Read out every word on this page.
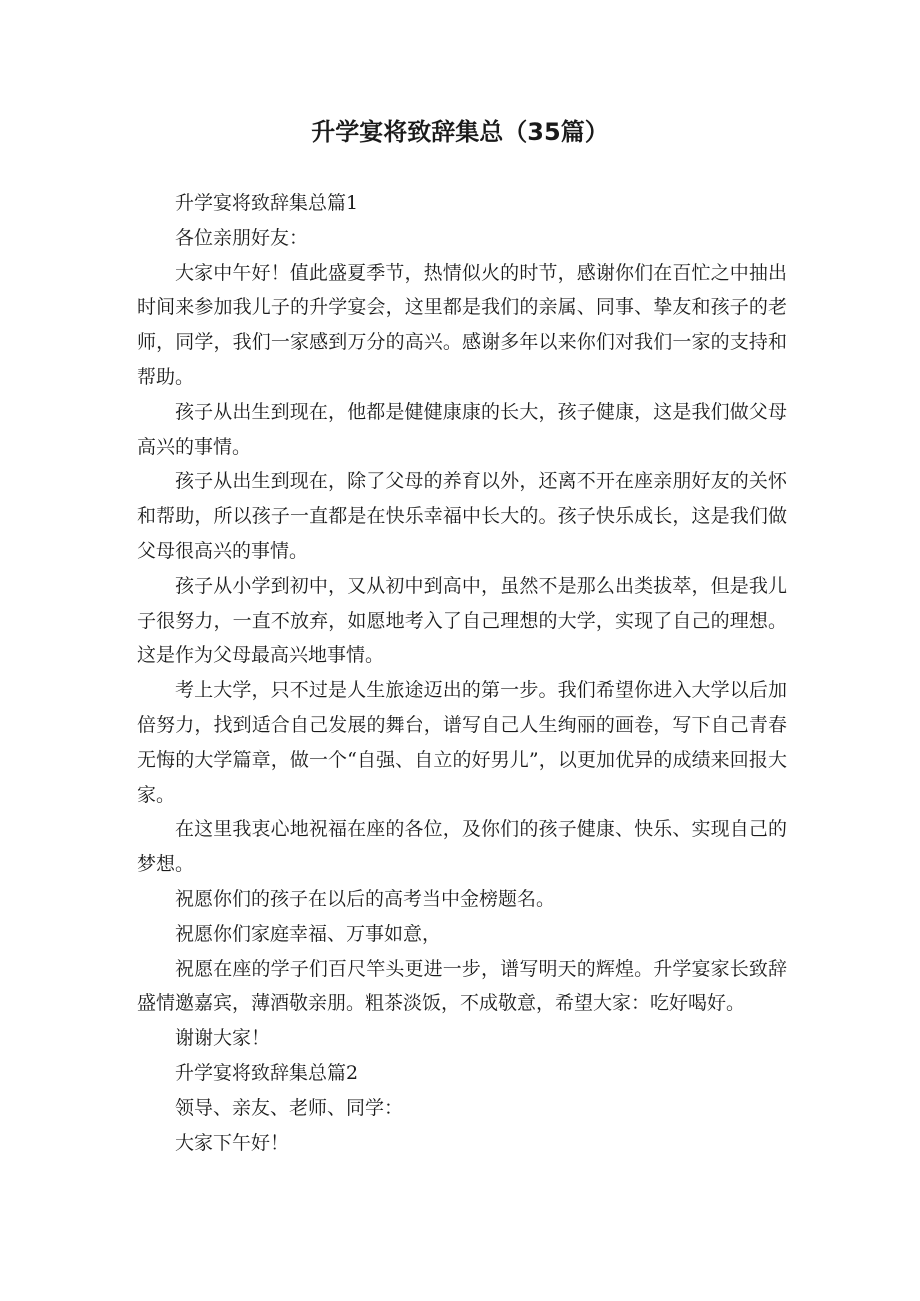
升学宴将致辞集总（35篇）

升学宴将致辞集总篇1

各位亲朋好友：

大家中午好！值此盛夏季节，热情似火的时节，感谢你们在百忙之中抽出时间来参加我儿子的升学宴会，这里都是我们的亲属、同事、挚友和孩子的老师，同学，我们一家感到万分的高兴。感谢多年以来你们对我们一家的支持和帮助。

孩子从出生到现在，他都是健健康康的长大，孩子健康，这是我们做父母高兴的事情。

孩子从出生到现在，除了父母的养育以外，还离不开在座亲朋好友的关怀和帮助，所以孩子一直都是在快乐幸福中长大的。孩子快乐成长，这是我们做父母很高兴的事情。

孩子从小学到初中，又从初中到高中，虽然不是那么出类拔萃，但是我儿子很努力，一直不放弃，如愿地考入了自己理想的大学，实现了自己的理想。这是作为父母最高兴地事情。

考上大学，只不过是人生旅途迈出的第一步。我们希望你进入大学以后加倍努力，找到适合自己发展的舞台，谱写自己人生绚丽的画卷，写下自己青春无悔的大学篇章，做一个“自强、自立的好男儿”，以更加优异的成绩来回报大家。

在这里我衷心地祝福在座的各位，及你们的孩子健康、快乐、实现自己的梦想。

祝愿你们的孩子在以后的高考当中金榜题名。

祝愿你们家庭幸福、万事如意，

祝愿在座的学子们百尺竿头更进一步，谱写明天的辉煌。升学宴家长致辞盛情邀嘉宾，薄酒敬亲朋。粗茶淡饭，不成敬意，希望大家：吃好喝好。

谢谢大家！

升学宴将致辞集总篇2

领导、亲友、老师、同学：

大家下午好！
